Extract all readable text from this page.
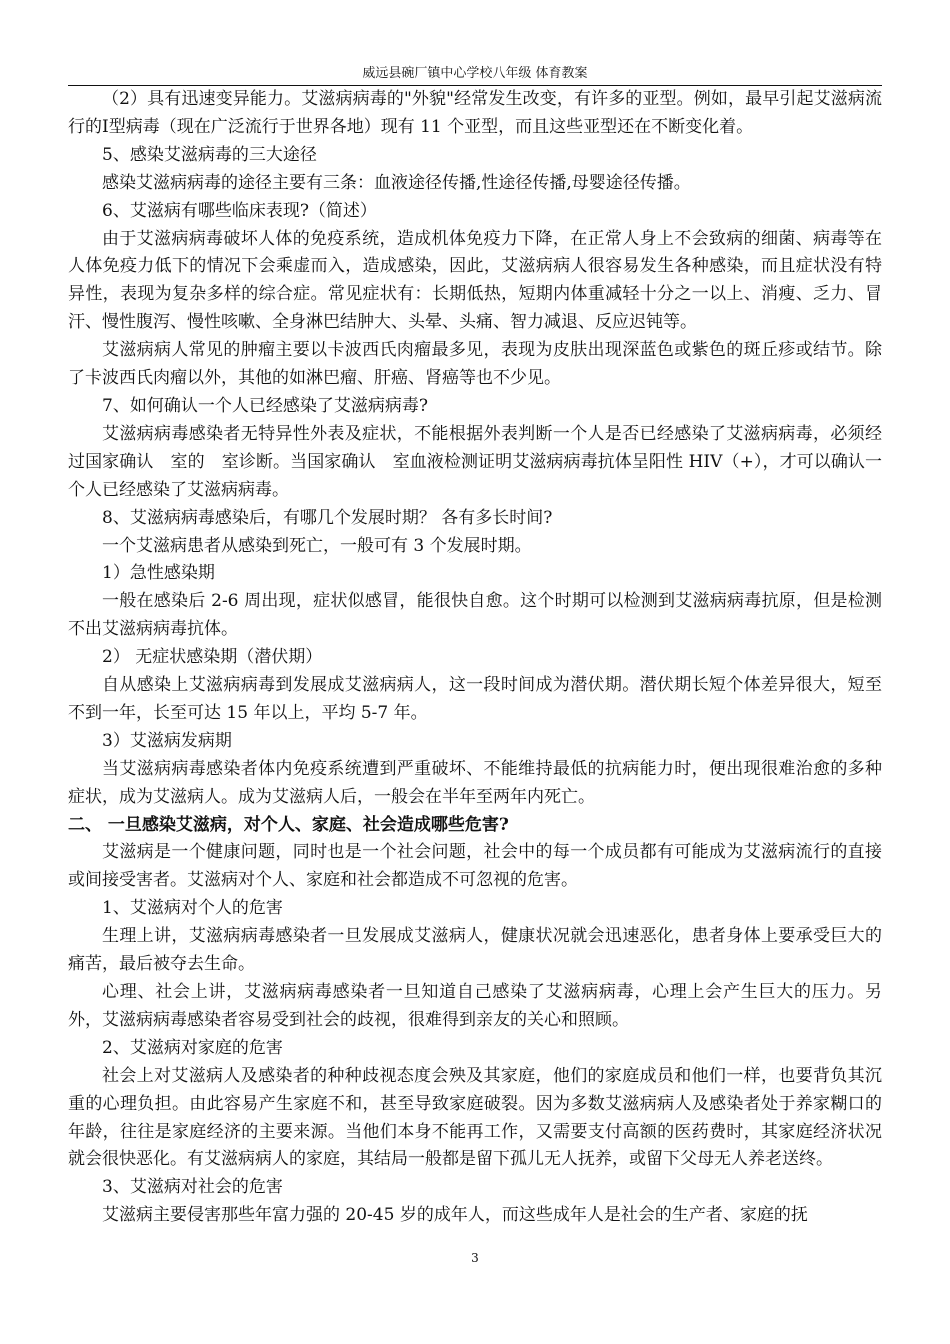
威远县碗厂镇中心学校八年级 体育教案

（2）具有迅速变异能力。艾滋病病毒的"外貌"经常发生改变，有许多的亚型。例如，最早引起艾滋病流行的Ⅰ型病毒（现在广泛流行于世界各地）现有 11 个亚型，而且这些亚型还在不断变化着。

5、感染艾滋病毒的三大途径

感染艾滋病病毒的途径主要有三条：血液途径传播,性途径传播,母婴途径传播。

6、艾滋病有哪些临床表现?（简述）

由于艾滋病病毒破坏人体的免疫系统，造成机体免疫力下降，在正常人身上不会致病的细菌、病毒等在人体免疫力低下的情况下会乘虚而入，造成感染，因此，艾滋病病人很容易发生各种感染，而且症状没有特异性，表现为复杂多样的综合症。常见症状有：长期低热，短期内体重减轻十分之一以上、消瘦、乏力、冒汗、慢性腹泻、慢性咳嗽、全身淋巴结肿大、头晕、头痛、智力减退、反应迟钝等。

艾滋病病人常见的肿瘤主要以卡波西氏肉瘤最多见，表现为皮肤出现深蓝色或紫色的斑丘疹或结节。除了卡波西氏肉瘤以外，其他的如淋巴瘤、肝癌、肾癌等也不少见。

7、如何确认一个人已经感染了艾滋病病毒?

艾滋病病毒感染者无特异性外表及症状，不能根据外表判断一个人是否已经感染了艾滋病病毒，必须经过国家确认　室的　室诊断。当国家确认　室血液检测证明艾滋病病毒抗体呈阳性 HIV（+），才可以确认一个人已经感染了艾滋病病毒。

8、艾滋病病毒感染后，有哪几个发展时期？ 各有多长时间?

一个艾滋病患者从感染到死亡，一般可有 3 个发展时期。

1）急性感染期

一般在感染后 2-6 周出现，症状似感冒，能很快自愈。这个时期可以检测到艾滋病病毒抗原，但是检测不出艾滋病病毒抗体。

2） 无症状感染期（潜伏期）

自从感染上艾滋病病毒到发展成艾滋病病人，这一段时间成为潜伏期。潜伏期长短个体差异很大，短至不到一年，长至可达 15 年以上，平均 5-7 年。

3）艾滋病发病期

当艾滋病病毒感染者体内免疫系统遭到严重破坏、不能维持最低的抗病能力时，便出现很难治愈的多种症状，成为艾滋病人。成为艾滋病人后，一般会在半年至两年内死亡。

二、 一旦感染艾滋病，对个人、家庭、社会造成哪些危害?

艾滋病是一个健康问题，同时也是一个社会问题，社会中的每一个成员都有可能成为艾滋病流行的直接或间接受害者。艾滋病对个人、家庭和社会都造成不可忽视的危害。

1、艾滋病对个人的危害

生理上讲，艾滋病病毒感染者一旦发展成艾滋病人，健康状况就会迅速恶化，患者身体上要承受巨大的痛苦，最后被夺去生命。

心理、社会上讲，艾滋病病毒感染者一旦知道自己感染了艾滋病病毒，心理上会产生巨大的压力。另外，艾滋病病毒感染者容易受到社会的歧视，很难得到亲友的关心和照顾。

2、艾滋病对家庭的危害

社会上对艾滋病人及感染者的种种歧视态度会殃及其家庭，他们的家庭成员和他们一样，也要背负其沉重的心理负担。由此容易产生家庭不和，甚至导致家庭破裂。因为多数艾滋病病人及感染者处于养家糊口的年龄，往往是家庭经济的主要来源。当他们本身不能再工作，又需要支付高额的医药费时，其家庭经济状况就会很快恶化。有艾滋病病人的家庭，其结局一般都是留下孤儿无人抚养，或留下父母无人养老送终。

3、艾滋病对社会的危害

艾滋病主要侵害那些年富力强的 20-45 岁的成年人，而这些成年人是社会的生产者、家庭的抚

3
